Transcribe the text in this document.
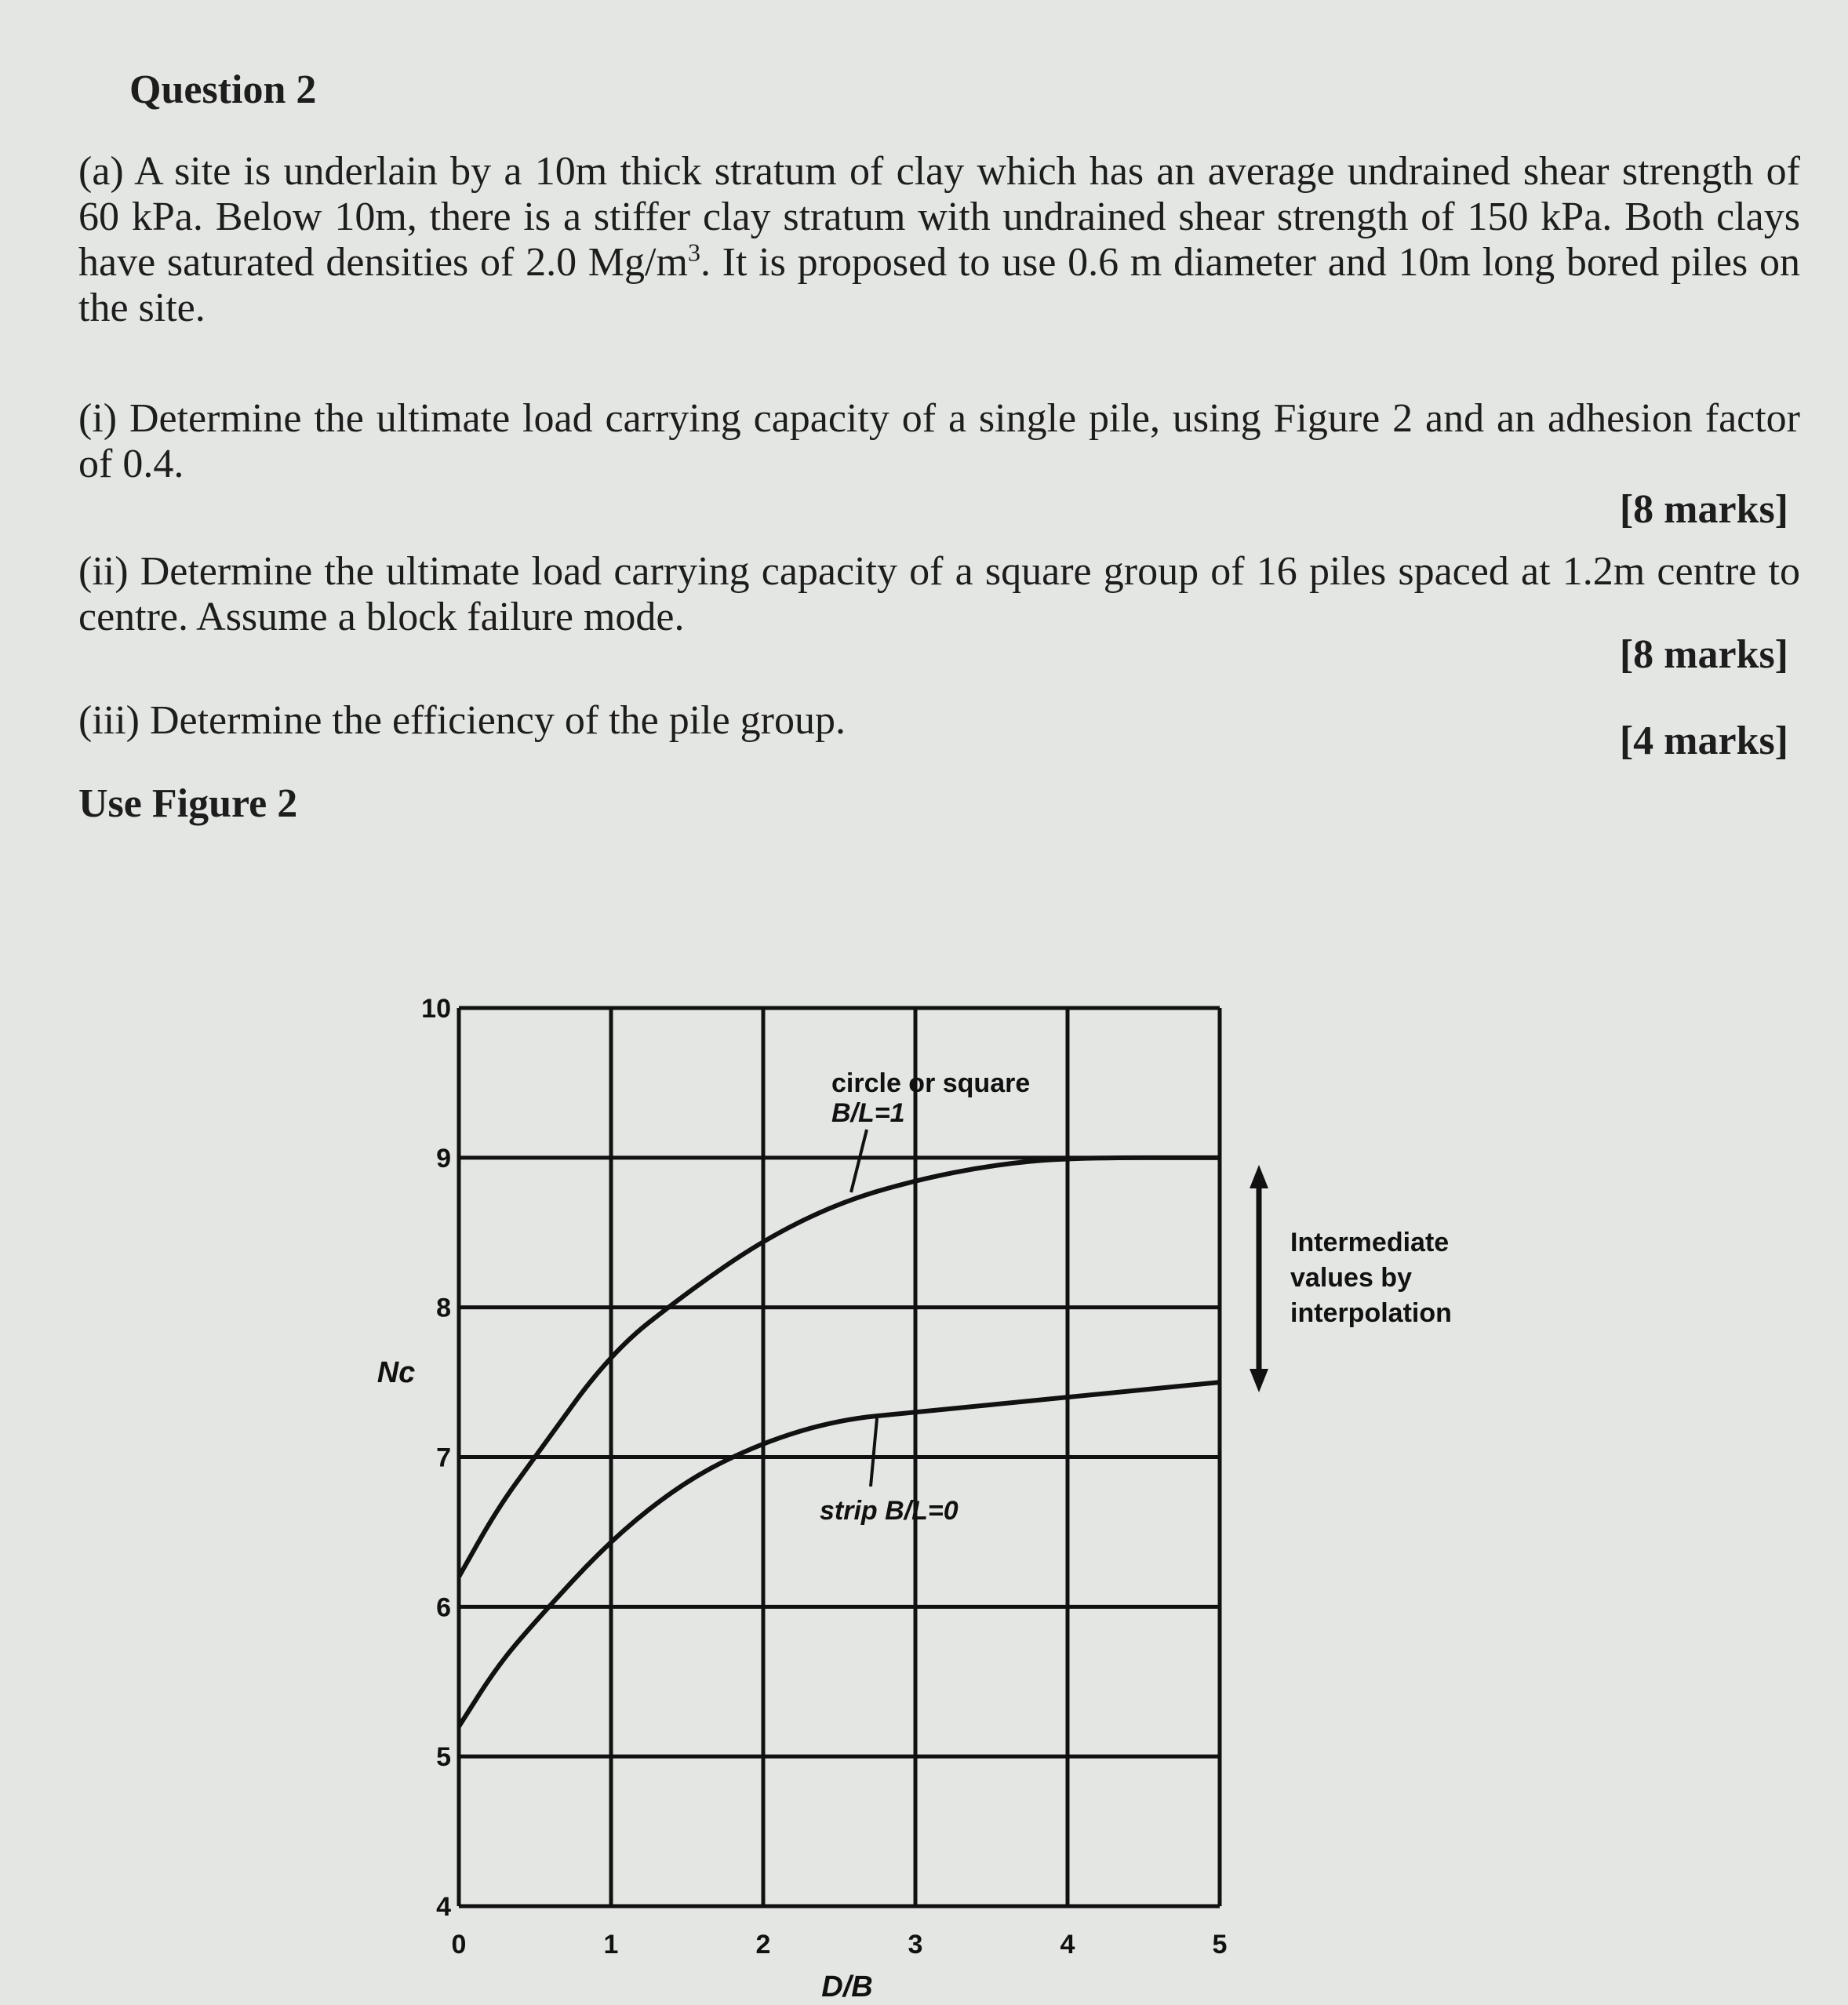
Question 2
(a) A site is underlain by a 10m thick stratum of clay which has an average undrained shear strength of 60 kPa. Below 10m, there is a stiffer clay stratum with undrained shear strength of 150 kPa. Both clays have saturated densities of 2.0 $Mg/m^3$. It is proposed to use 0.6 m diameter and 10m long bored piles on the site.
(i) Determine the ultimate load carrying capacity of a single pile, using Figure 2 and an adhesion factor of 0.4.
[8 marks]
(ii) Determine the ultimate load carrying capacity of a square group of 16 piles spaced at 1.2m centre to centre. Assume a block failure mode.
[8 marks]
(iii) Determine the efficiency of the pile group.	[4 marks]
Use Figure 2
0	1	2	3	4	5
4
5
6
7
8
9
10
D/B
Nc
circle or square
B/L=1
strip B/L=0
Intermediate
values by
interpolation
